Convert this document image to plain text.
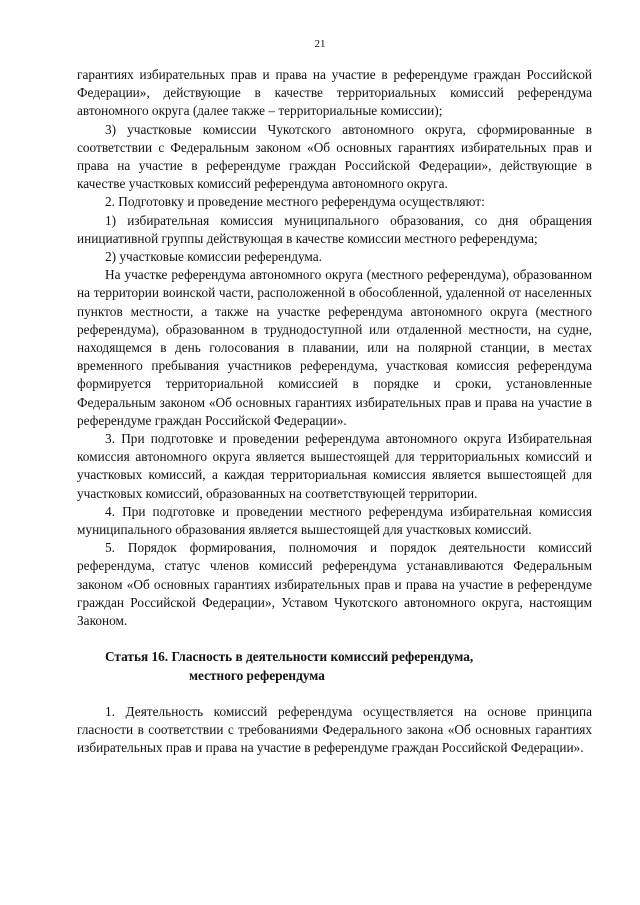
21

гарантиях избирательных прав и права на участие в референдуме граждан Российской Федерации», действующие в качестве территориальных комиссий референдума автономного округа (далее также – территориальные комиссии);

3) участковые комиссии Чукотского автономного округа, сформированные в соответствии с Федеральным законом «Об основных гарантиях избирательных прав и права на участие в референдуме граждан Российской Федерации», действующие в качестве участковых комиссий референдума автономного округа.

2. Подготовку и проведение местного референдума осуществляют:

1) избирательная комиссия муниципального образования, со дня обращения инициативной группы действующая в качестве комиссии местного референдума;

2) участковые комиссии референдума.

На участке референдума автономного округа (местного референдума), образованном на территории воинской части, расположенной в обособленной, удаленной от населенных пунктов местности, а также на участке референдума автономного округа (местного референдума), образованном в труднодоступной или отдаленной местности, на судне, находящемся в день голосования в плавании, или на полярной станции, в местах временного пребывания участников референдума, участковая комиссия референдума формируется территориальной комиссией в порядке и сроки, установленные Федеральным законом «Об основных гарантиях избирательных прав и права на участие в референдуме граждан Российской Федерации».

3. При подготовке и проведении референдума автономного округа Избирательная комиссия автономного округа является вышестоящей для территориальных комиссий и участковых комиссий, а каждая территориальная комиссия является вышестоящей для участковых комиссий, образованных на соответствующей территории.

4. При подготовке и проведении местного референдума избирательная комиссия муниципального образования является вышестоящей для участковых комиссий.

5. Порядок формирования, полномочия и порядок деятельности комиссий референдума, статус членов комиссий референдума устанавливаются Федеральным законом «Об основных гарантиях избирательных прав и права на участие в референдуме граждан Российской Федерации», Уставом Чукотского автономного округа, настоящим Законом.

Статья 16. Гласность в деятельности комиссий референдума,
местного референдума

1. Деятельность комиссий референдума осуществляется на основе принципа гласности в соответствии с требованиями Федерального закона «Об основных гарантиях избирательных прав и права на участие в референдуме граждан Российской Федерации».
